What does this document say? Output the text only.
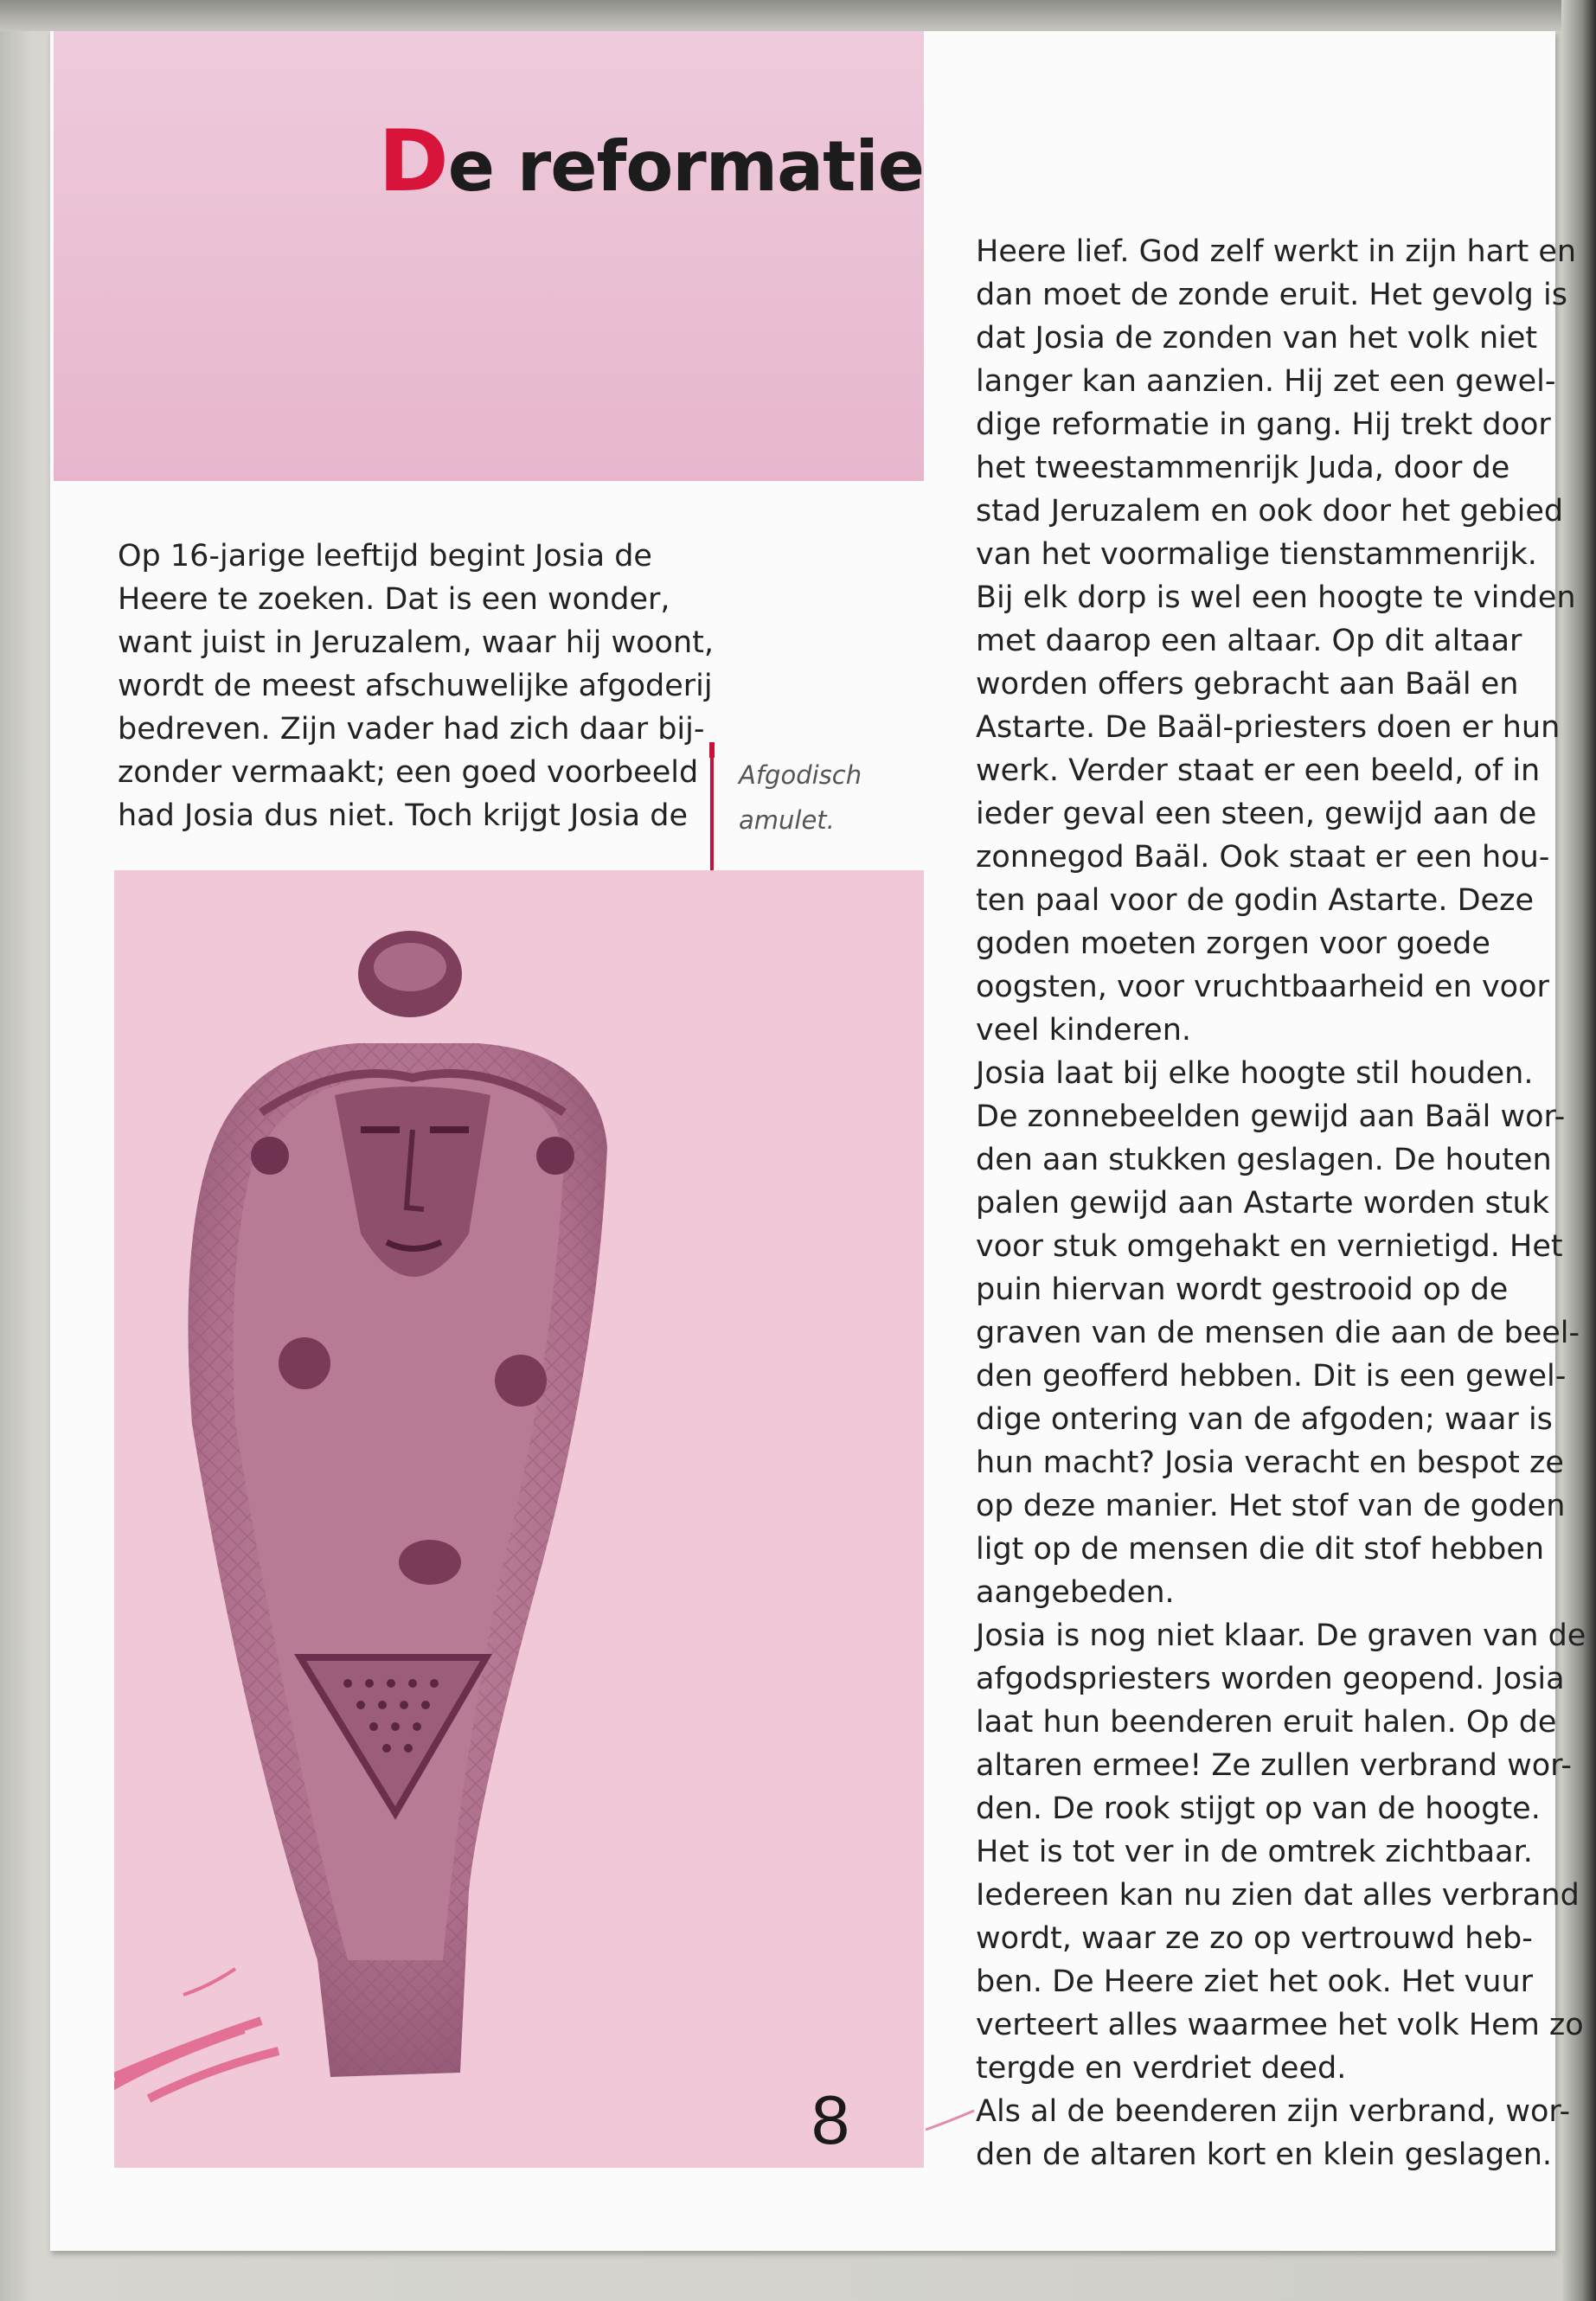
De reformatie
Op 16-jarige leeftijd begint Josia de
Heere te zoeken. Dat is een wonder,
want juist in Jeruzalem, waar hij woont,
wordt de meest afschuwelijke afgoderij
bedreven. Zijn vader had zich daar bij-
zonder vermaakt; een goed voorbeeld
had Josia dus niet. Toch krijgt Josia de
Afgodisch
amulet.
8
Heere lief. God zelf werkt in zijn hart en
dan moet de zonde eruit. Het gevolg is
dat Josia de zonden van het volk niet
langer kan aanzien. Hij zet een gewel-
dige reformatie in gang. Hij trekt door
het tweestammenrijk Juda, door de
stad Jeruzalem en ook door het gebied
van het voormalige tienstammenrijk.
Bij elk dorp is wel een hoogte te vinden
met daarop een altaar. Op dit altaar
worden offers gebracht aan Baäl en
Astarte. De Baäl-priesters doen er hun
werk. Verder staat er een beeld, of in
ieder geval een steen, gewijd aan de
zonnegod Baäl. Ook staat er een hou-
ten paal voor de godin Astarte. Deze
goden moeten zorgen voor goede
oogsten, voor vruchtbaarheid en voor
veel kinderen.
Josia laat bij elke hoogte stil houden.
De zonnebeelden gewijd aan Baäl wor-
den aan stukken geslagen. De houten
palen gewijd aan Astarte worden stuk
voor stuk omgehakt en vernietigd. Het
puin hiervan wordt gestrooid op de
graven van de mensen die aan de beel-
den geofferd hebben. Dit is een gewel-
dige ontering van de afgoden; waar is
hun macht? Josia veracht en bespot ze
op deze manier. Het stof van de goden
ligt op de mensen die dit stof hebben
aangebeden.
Josia is nog niet klaar. De graven van de
afgodspriesters worden geopend. Josia
laat hun beenderen eruit halen. Op de
altaren ermee! Ze zullen verbrand wor-
den. De rook stijgt op van de hoogte.
Het is tot ver in de omtrek zichtbaar.
Iedereen kan nu zien dat alles verbrand
wordt, waar ze zo op vertrouwd heb-
ben. De Heere ziet het ook. Het vuur
verteert alles waarmee het volk Hem zo
tergde en verdriet deed.
Als al de beenderen zijn verbrand, wor-
den de altaren kort en klein geslagen.
